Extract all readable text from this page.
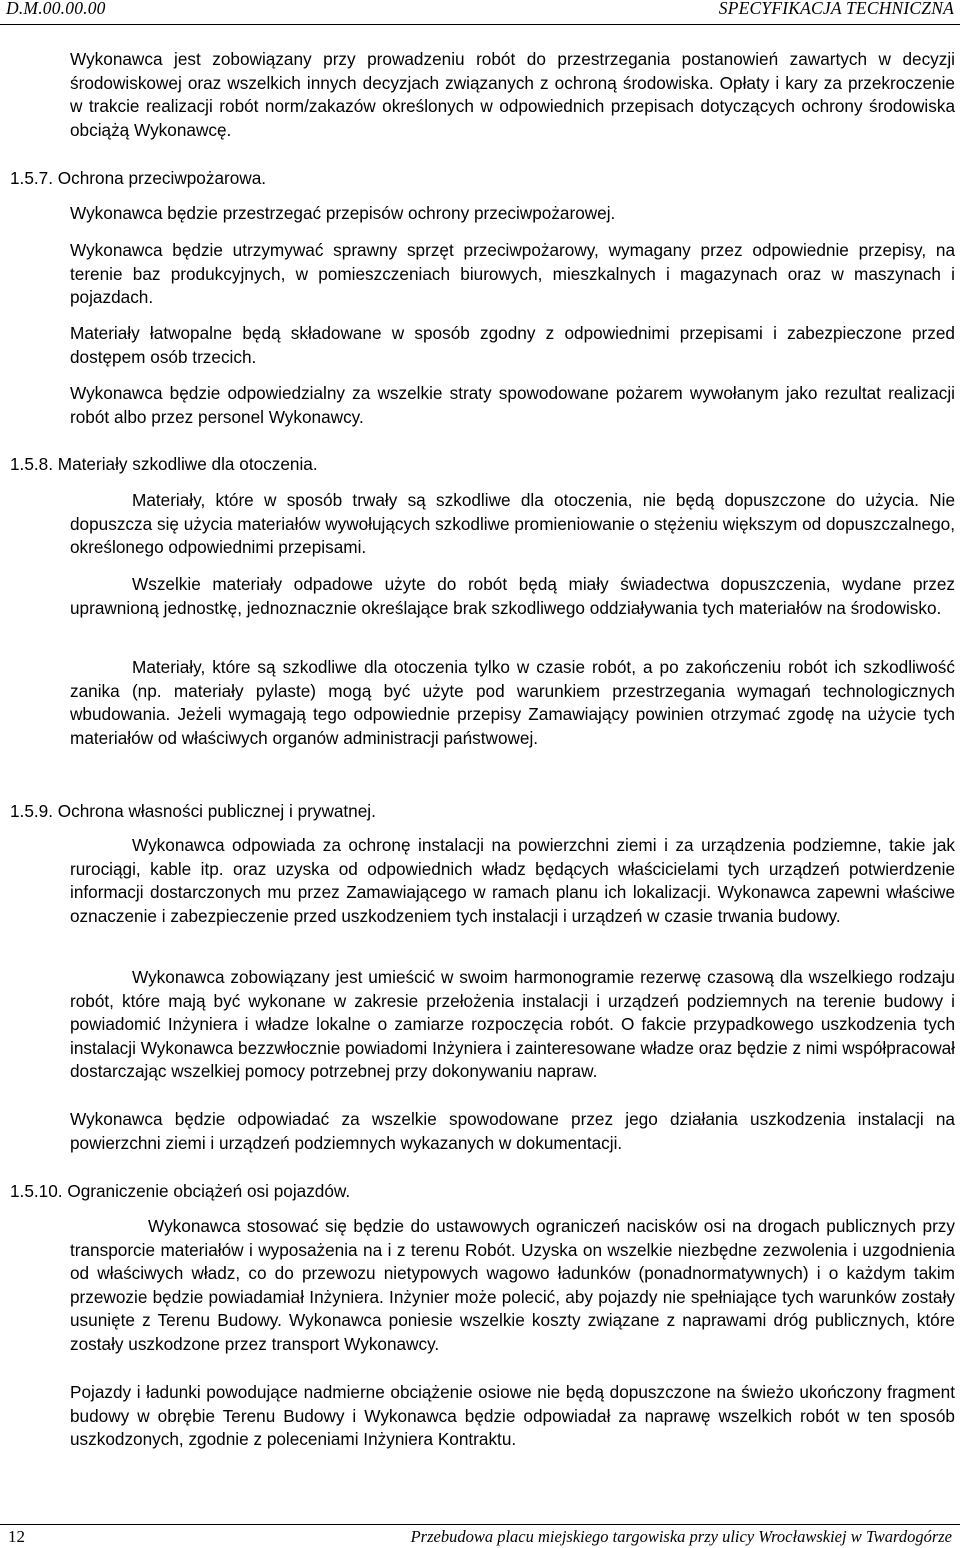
D.M.00.00.00	SPECYFIKACJA TECHNICZNA

Wykonawca jest zobowiązany przy prowadzeniu robót do przestrzegania postanowień zawartych w decyzji środowiskowej oraz wszelkich innych decyzjach związanych z ochroną środowiska. Opłaty i kary za przekroczenie w trakcie realizacji robót norm/zakazów określonych w odpowiednich przepisach dotyczących ochrony środowiska obciążą Wykonawcę.

1.5.7. Ochrona przeciwpożarowa.

Wykonawca będzie przestrzegać przepisów ochrony przeciwpożarowej.

Wykonawca będzie utrzymywać sprawny sprzęt przeciwpożarowy, wymagany przez odpowiednie przepisy, na terenie baz produkcyjnych, w pomieszczeniach biurowych, mieszkalnych i magazynach oraz w maszynach i pojazdach.

Materiały łatwopalne będą składowane w sposób zgodny z odpowiednimi przepisami i zabezpieczone przed dostępem osób trzecich.

Wykonawca będzie odpowiedzialny za wszelkie straty spowodowane pożarem wywołanym jako rezultat realizacji robót albo przez personel Wykonawcy.

1.5.8. Materiały szkodliwe dla otoczenia.

Materiały, które w sposób trwały są szkodliwe dla otoczenia, nie będą dopuszczone do użycia. Nie dopuszcza się użycia materiałów wywołujących szkodliwe promieniowanie o stężeniu większym od dopuszczalnego, określonego odpowiednimi przepisami.

Wszelkie materiały odpadowe użyte do robót będą miały świadectwa dopuszczenia, wydane przez uprawnioną jednostkę, jednoznacznie określające brak szkodliwego oddziaływania tych materiałów na środowisko.

Materiały, które są szkodliwe dla otoczenia tylko w czasie robót, a po zakończeniu robót ich szkodliwość zanika (np. materiały pylaste) mogą być użyte pod warunkiem przestrzegania wymagań technologicznych wbudowania. Jeżeli wymagają tego odpowiednie przepisy Zamawiający powinien otrzymać zgodę na użycie tych materiałów od właściwych organów administracji państwowej.

1.5.9. Ochrona własności publicznej i prywatnej.

Wykonawca odpowiada za ochronę instalacji na powierzchni ziemi i za urządzenia podziemne, takie jak rurociągi, kable itp. oraz uzyska od odpowiednich władz będących właścicielami tych urządzeń potwierdzenie informacji dostarczonych mu przez Zamawiającego w ramach planu ich lokalizacji. Wykonawca zapewni właściwe oznaczenie i zabezpieczenie przed uszkodzeniem tych instalacji i urządzeń w czasie trwania budowy.

Wykonawca zobowiązany jest umieścić w swoim harmonogramie rezerwę czasową dla wszelkiego rodzaju robót, które mają być wykonane w zakresie przełożenia instalacji i urządzeń podziemnych na terenie budowy i powiadomić Inżyniera i władze lokalne o zamiarze rozpoczęcia robót. O fakcie przypadkowego uszkodzenia tych instalacji Wykonawca bezzwłocznie powiadomi Inżyniera i zainteresowane władze oraz będzie z nimi współpracował dostarczając wszelkiej pomocy potrzebnej przy dokonywaniu napraw.

Wykonawca będzie odpowiadać za wszelkie spowodowane przez jego działania uszkodzenia instalacji na powierzchni ziemi i urządzeń podziemnych wykazanych w dokumentacji.

1.5.10. Ograniczenie obciążeń osi pojazdów.

Wykonawca stosować się będzie do ustawowych ograniczeń nacisków osi na drogach publicznych przy transporcie materiałów i wyposażenia na i z terenu Robót. Uzyska on wszelkie niezbędne zezwolenia i uzgodnienia od właściwych władz, co do przewozu nietypowych wagowo ładunków (ponadnormatywnych) i o każdym takim przewozie będzie powiadamiał Inżyniera. Inżynier może polecić, aby pojazdy nie spełniające tych warunków zostały usunięte z Terenu Budowy. Wykonawca poniesie wszelkie koszty związane z naprawami dróg publicznych, które zostały uszkodzone przez transport Wykonawcy.

Pojazdy i ładunki powodujące nadmierne obciążenie osiowe nie będą dopuszczone na świeżo ukończony fragment budowy w obrębie Terenu Budowy i Wykonawca będzie odpowiadał za naprawę wszelkich robót w ten sposób uszkodzonych, zgodnie z poleceniami Inżyniera Kontraktu.

12	Przebudowa placu miejskiego targowiska przy ulicy Wrocławskiej w Twardogórze
